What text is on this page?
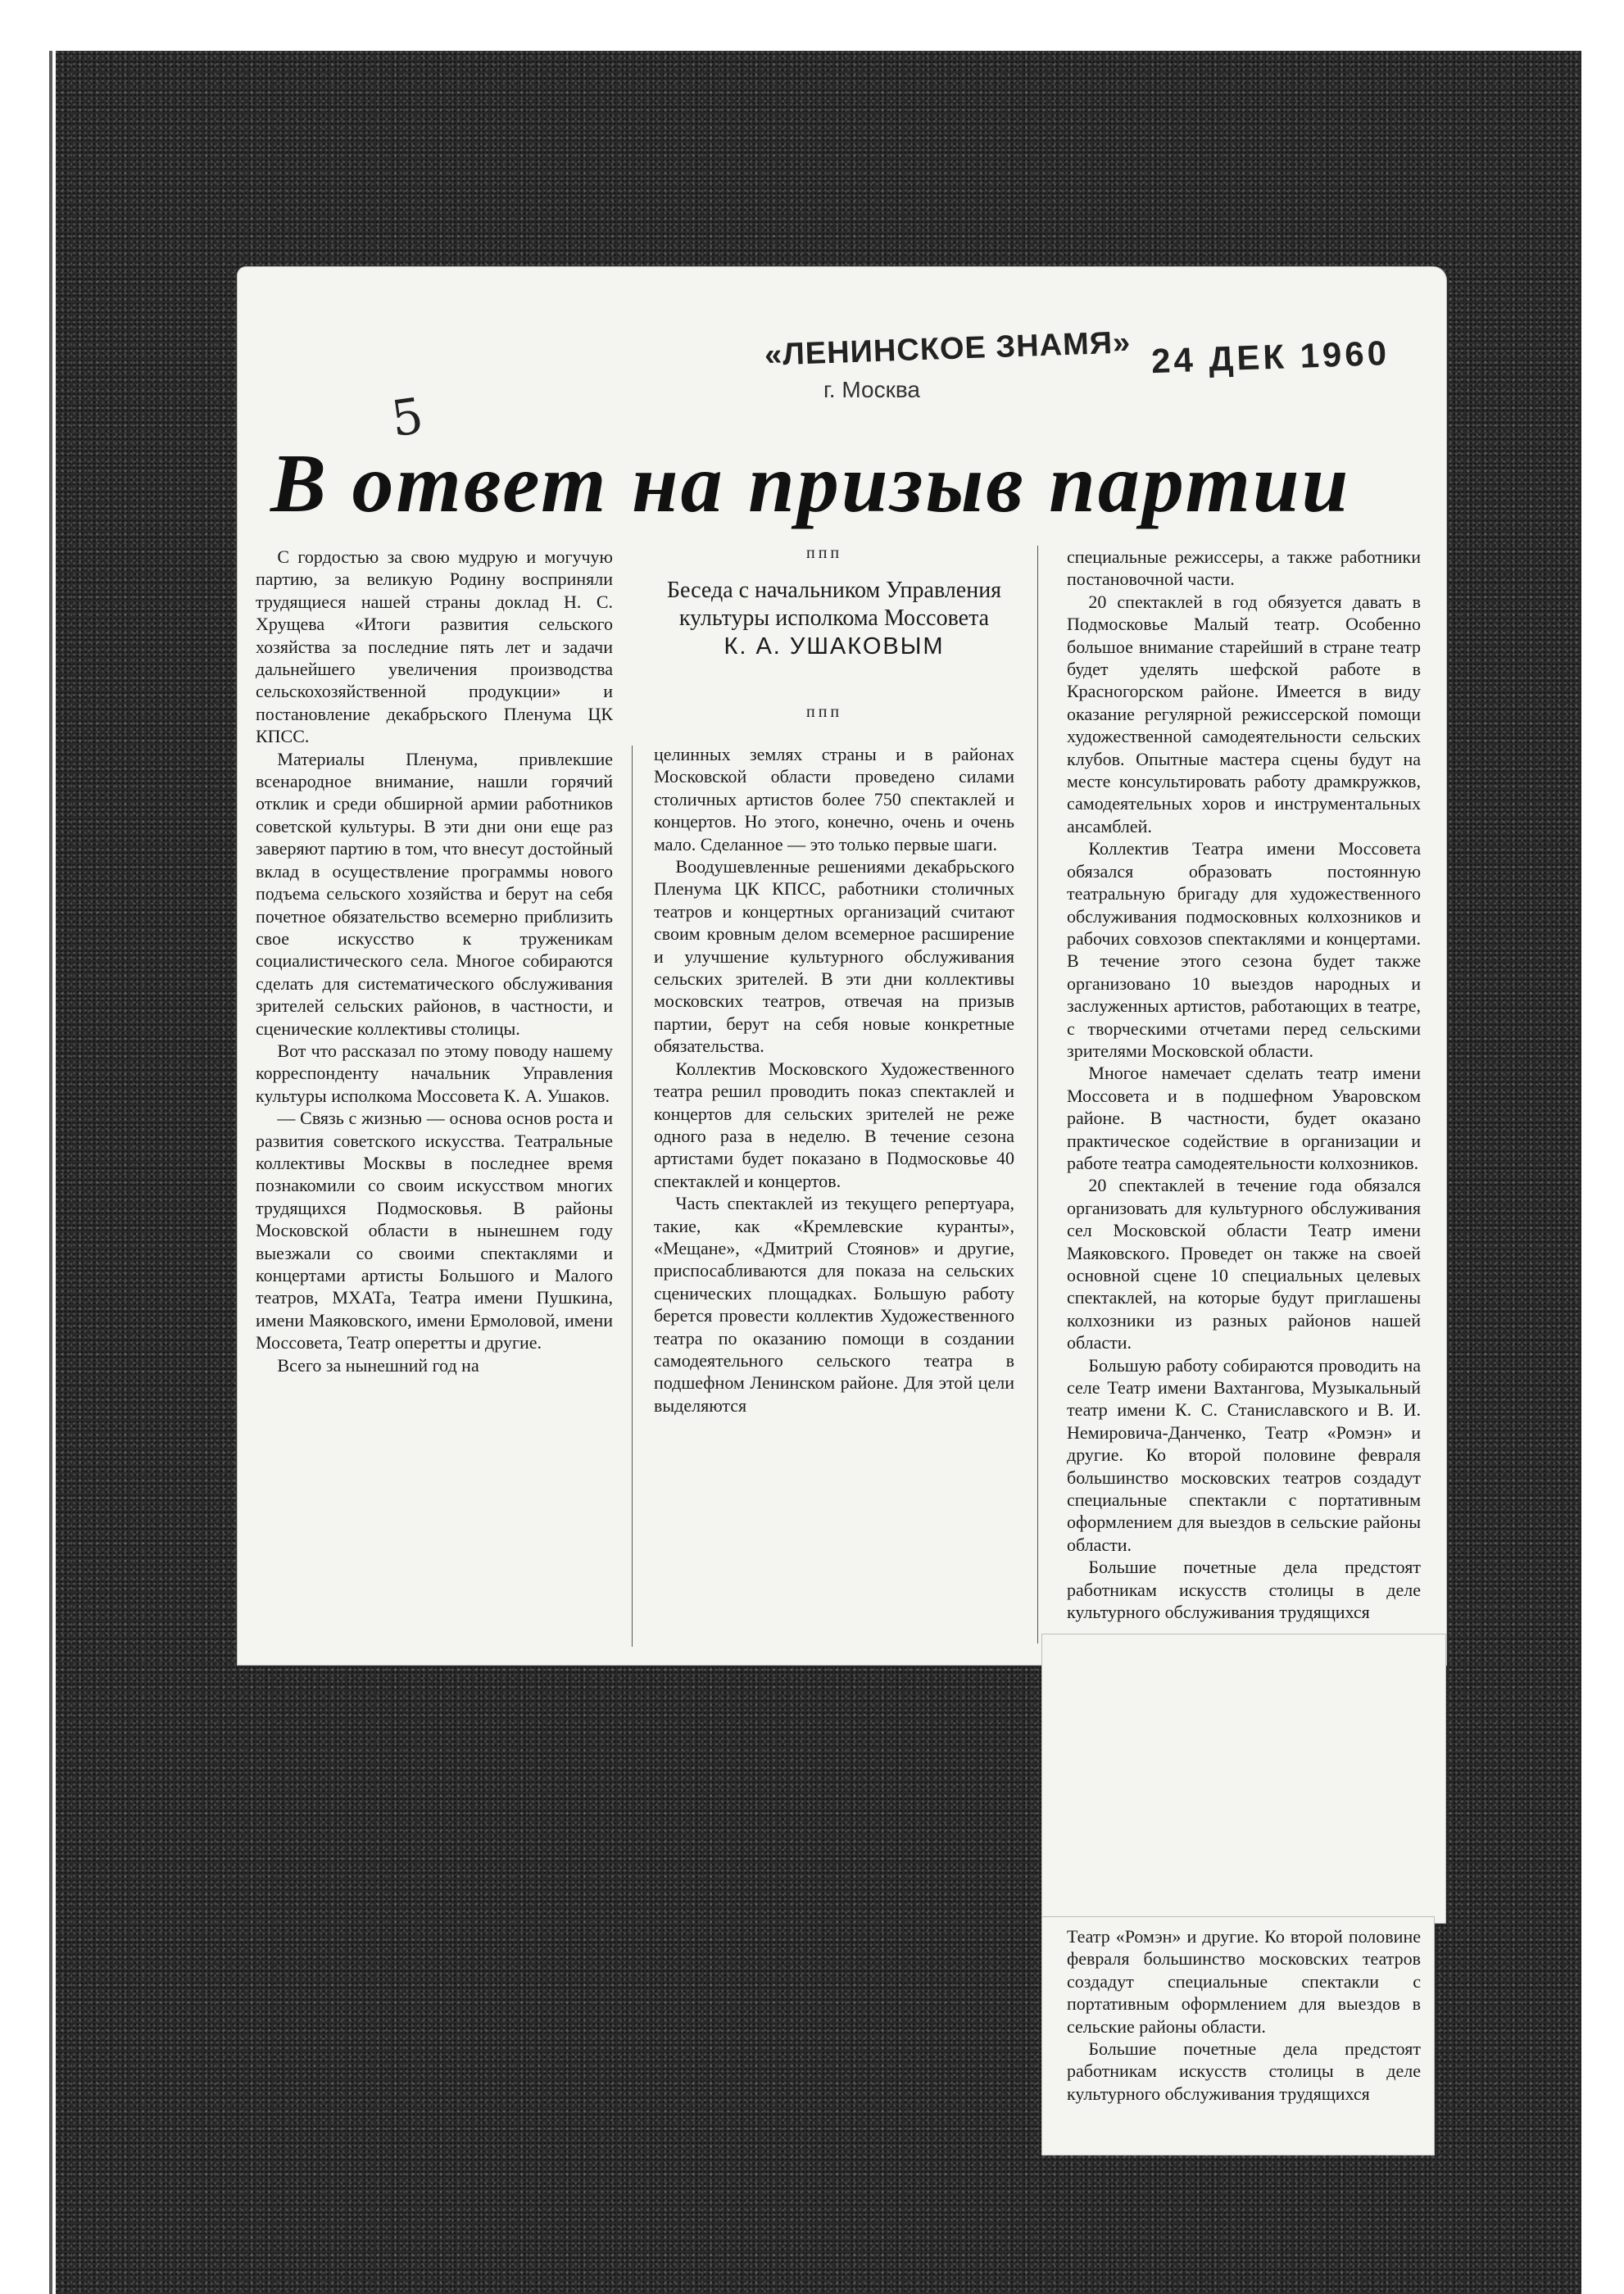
«ЛЕНИНСКОЕ ЗНАМЯ»
г. Москва
24 ДЕК 1960
5
В ответ на призыв партии
ппп
Беседа с начальником Управления культуры исполкома Моссовета
К. А. УШАКОВЫМ
ппп

С гордостью за свою мудрую и могучую партию, за великую Родину восприняли трудящиеся нашей страны доклад Н. С. Хрущева «Итоги развития сельского хозяйства за последние пять лет и задачи дальнейшего увеличения производства сельскохозяйственной продукции» и постановление декабрьского Пленума ЦК КПСС.

Материалы Пленума, привлекшие всенародное внимание, нашли горячий отклик и среди обширной армии работников советской культуры. В эти дни они еще раз заверяют партию в том, что внесут достойный вклад в осуществление программы нового подъема сельского хозяйства и берут на себя почетное обязательство всемерно приблизить свое искусство к труженикам социалистического села. Многое собираются сделать для систематического обслуживания зрителей сельских районов, в частности, и сценические коллективы столицы.

Вот что рассказал по этому поводу нашему корреспонденту начальник Управления культуры исполкома Моссовета К. А. Ушаков.

— Связь с жизнью — основа основ роста и развития советского искусства. Театральные коллективы Москвы в последнее время познакомили со своим искусством многих трудящихся Подмосковья. В районы Московской области в нынешнем году выезжали со своими спектаклями и концертами артисты Большого и Малого театров, МХАТа, Театра имени Пушкина, имени Маяковского, имени Ермоловой, имени Моссовета, Театр оперетты и другие.

Всего за нынешний год на

целинных землях страны и в районах Московской области проведено силами столичных артистов более 750 спектаклей и концертов. Но этого, конечно, очень и очень мало. Сделанное — это только первые шаги.

Воодушевленные решениями декабрьского Пленума ЦК КПСС, работники столичных театров и концертных организаций считают своим кровным делом всемерное расширение и улучшение культурного обслуживания сельских зрителей. В эти дни коллективы московских театров, отвечая на призыв партии, берут на себя новые конкретные обязательства.

Коллектив Московского Художественного театра решил проводить показ спектаклей и концертов для сельских зрителей не реже одного раза в неделю. В течение сезона артистами будет показано в Подмосковье 40 спектаклей и концертов.

Часть спектаклей из текущего репертуара, такие, как «Кремлевские куранты», «Мещане», «Дмитрий Стоянов» и другие, приспосабливаются для показа на сельских сценических площадках. Большую работу берется провести коллектив Художественного театра по оказанию помощи в создании самодеятельного сельского театра в подшефном Ленинском районе. Для этой цели выделяются

специальные режиссеры, а также работники постановочной части.

20 спектаклей в год обязуется давать в Подмосковье Малый театр. Особенно большое внимание старейший в стране театр будет уделять шефской работе в Красногорском районе. Имеется в виду оказание регулярной режиссерской помощи художественной самодеятельности сельских клубов. Опытные мастера сцены будут на месте консультировать работу драмкружков, самодеятельных хоров и инструментальных ансамблей.

Коллектив Театра имени Моссовета обязался образовать постоянную театральную бригаду для художественного обслуживания подмосковных колхозников и рабочих совхозов спектаклями и концертами. В течение этого сезона будет также организовано 10 выездов народных и заслуженных артистов, работающих в театре, с творческими отчетами перед сельскими зрителями Московской области.

Многое намечает сделать театр имени Моссовета и в подшефном Уваровском районе. В частности, будет оказано практическое содействие в организации и работе театра самодеятельности колхозников.

20 спектаклей в течение года обязался организовать для культурного обслуживания сел Московской области Театр имени Маяковского. Проведет он также на своей основной сцене 10 специальных целевых спектаклей, на которые будут приглашены колхозники из разных районов нашей области.

Большую работу собираются проводить на селе Театр имени Вахтангова, Музыкальный театр имени К. С. Станиславского и В. И. Немировича-Данченко, Театр «Ромэн» и другие. Ко второй половине февраля большинство московских театров создадут специальные спектакли с портативным оформлением для выездов в сельские районы области.

Большие почетные дела предстоят работникам искусств столицы в деле культурного обслуживания трудящихся

Театр «Ромэн» и другие. Ко второй половине февраля большинство московских театров создадут специальные спектакли с портативным оформлением для выездов в сельские районы области.

Большие почетные дела предстоят работникам искусств столицы в деле культурного обслуживания трудящихся
